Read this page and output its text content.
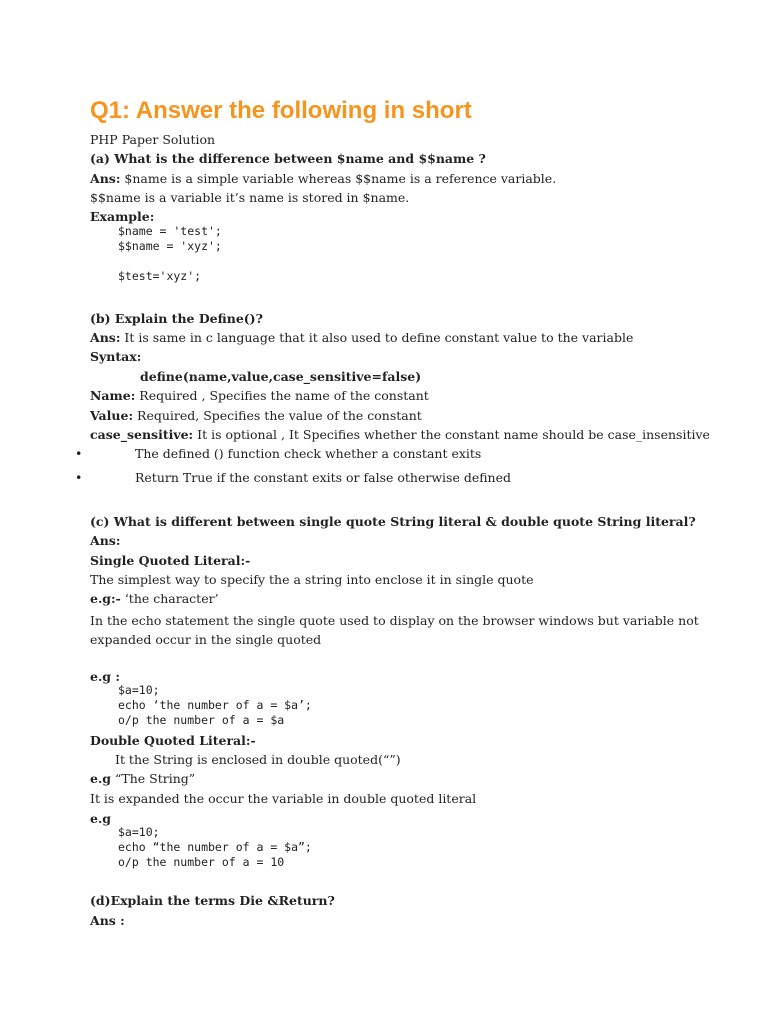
Q1: Answer the following in short
PHP Paper Solution
(a) What is the difference between $name and $$name ?
Ans: $name is a simple variable whereas $$name is a reference variable.
$$name is a variable it’s name is stored in $name.
Example:
$name = 'test';
$$name = 'xyz';

$test='xyz';
(b) Explain the Define()?
Ans: It is same in c language that it also used to define constant value to the variable
Syntax:
define(name,value,case_sensitive=false)
Name: Required , Specifies the name of the constant
Value: Required, Specifies the value of the constant
case_sensitive: It is optional , It Specifies whether the constant name should be case_insensitive
•	The defined () function check whether a constant exits
•	Return True if the constant exits or false otherwise defined
(c) What is different between single quote String literal & double quote String literal?
Ans:
Single Quoted Literal:-
The simplest way to specify the a string into enclose it in single quote
e.g:- ‘the character’
In the echo statement the single quote used to display on the browser windows but variable not expanded occur in the single quoted
e.g :
$a=10;
echo ‘the number of a = $a’;
o/p the number of a = $a
Double Quoted Literal:-
It the String is enclosed in double quoted(“”)
e.g “The String”
It is expanded the occur the variable in double quoted literal
e.g
$a=10;
echo “the number of a = $a”;
o/p the number of a = 10
(d)Explain the terms Die &Return?
Ans :
